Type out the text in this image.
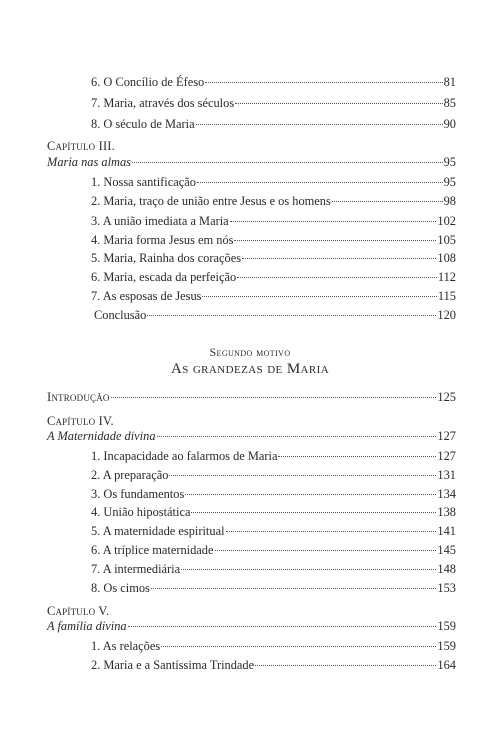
6. O Concílio de Éfeso	81
7. Maria, através dos séculos	85
8. O século de Maria	90
Capítulo III.
Maria nas almas	95
1. Nossa santificação	95
2. Maria, traço de união entre Jesus e os homens	98
3. A união imediata a Maria	102
4. Maria forma Jesus em nós	105
5. Maria, Rainha dos corações	108
6. Maria, escada da perfeição	112
7. As esposas de Jesus	115
Conclusão	120
Segundo motivo
As grandezas de Maria
Introdução	125
Capítulo IV.
A Maternidade divina	127
1. Incapacidade ao falarmos de Maria	127
2. A preparação	131
3. Os fundamentos	134
4. União hipostática	138
5. A maternidade espiritual	141
6. A tríplice maternidade	145
7. A intermediária	148
8. Os cimos	153
Capítulo V.
A família divina	159
1. As relações	159
2. Maria e a Santíssima Trindade	164
